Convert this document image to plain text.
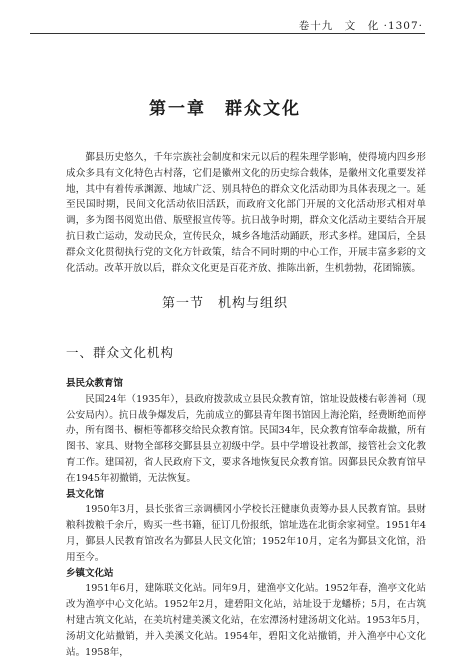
卷十九　文　化 ·1307·
第一章　群众文化

鄞县历史悠久，千年宗族社会制度和宋元以后的程朱理学影响，使得境内四乡形成众多具有文化特色古村落，它们是徽州文化的历史综合载体，是徽州文化重要发祥地，其中有着传承渊源、地域广泛、别具特色的群众文化活动即为具体表现之一。延至民国时期，民间文化活动依旧活跃，而政府文化部门开展的文化活动形式相对单调，多为图书阅览出借、版壁报宣传等。抗日战争时期，群众文化活动主要结合开展抗日救亡运动，发动民众，宣传民众，城乡各地活动踊跃，形式多样。建国后，全县群众文化贯彻执行党的文化方针政策，结合不同时期的中心工作，开展丰富多彩的文化活动。改革开放以后，群众文化更是百花齐放、推陈出新，生机勃勃，花团锦簇。

第一节　机构与组织
一、群众文化机构

县民众教育馆

民国24年（1935年），县政府拨款成立县民众教育馆，馆址设鼓楼右彰善祠（现公安局内）。抗日战争爆发后，先前成立的鄞县青年图书馆因上海沦陷，经费断绝而停办，所有图书、橱柜等都移交给民众教育馆。民国34年，民众教育馆奉命裁撤，所有图书、家具、财物全部移交鄞县县立初级中学。县中学增设社教部，接管社会文化教育工作。建国初，省人民政府下文，要求各地恢复民众教育馆。因鄞县民众教育馆早在1945年初撤销，无法恢复。

县文化馆

1950年3月，县长张省三亲调横冈小学校长汪健康负责筹办县人民教育馆。县财粮科拨粮千余斤，购买一些书籍，征订几份报纸，馆址选在北街余家祠堂。1951年4月，鄞县人民教育馆改名为鄞县人民文化馆；1952年10月，定名为鄞县文化馆，沿用至今。

乡镇文化站

1951年6月，建陈联文化站。同年9月，建渔亭文化站。1952年春，渔亭文化站改为渔亭中心文化站。1952年2月，建碧阳文化站，站址设于龙蟠桥；5月，在古筑村建古筑文化站，在美坑村建美溪文化站，在宏潭汤村建汤胡文化站。1953年5月，汤胡文化站撤销，并入美溪文化站。1954年，碧阳文化站撤销，并入渔亭中心文化站。1958年，
